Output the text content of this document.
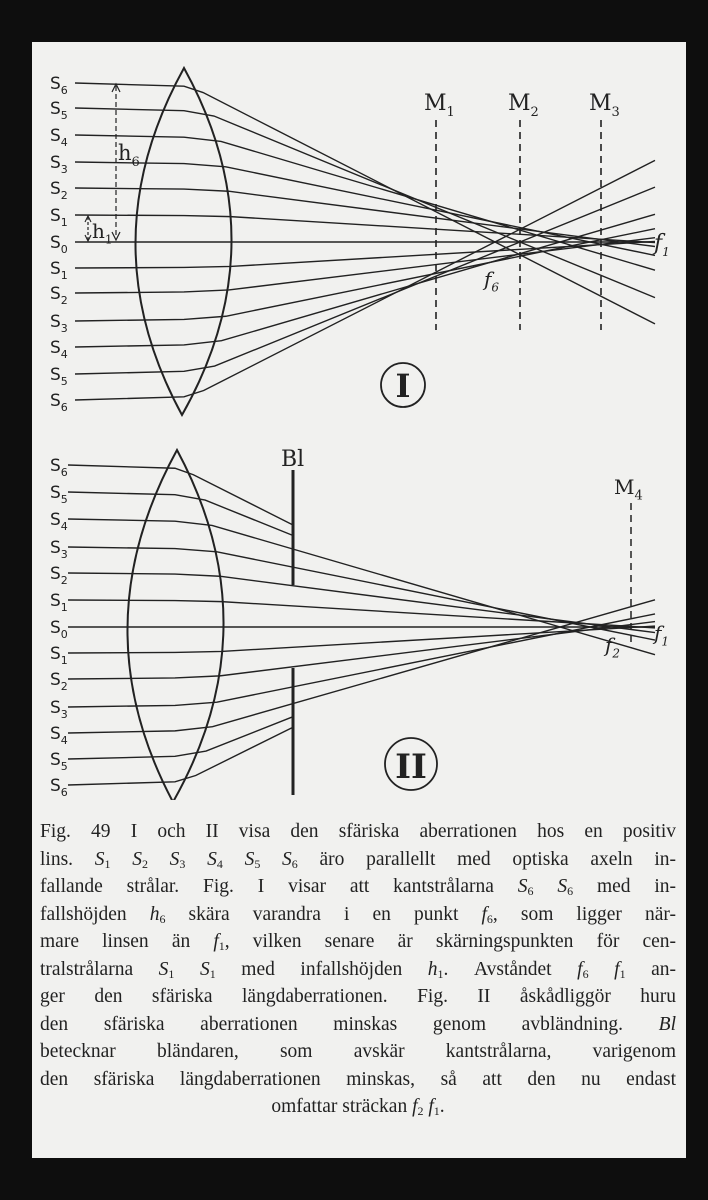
$S_6$
$S_5$
$S_4$
$S_3$
$S_2$
$S_1$
$S_0$
$S_1$
$S_2$
$S_3$
$S_4$
$S_5$
$S_6$
$h_6$
$h_1$
$M_1$ $M_2$ $M_3$
$f_1$
$f_6$
I
$S_6$
$S_5$
$S_4$
$S_3$
$S_2$
$S_1$
$S_0$
$S_1$
$S_2$
$S_3$
$S_4$
$S_5$
$S_6$
Bl
$M_4$
$f_1$
$f_2$
II
Fig. 49 I och II visa den sfäriska aberrationen hos en positiv
lins. $S_1$ $S_2$ $S_3$ $S_4$ $S_5$ $S_6$ äro parallellt med optiska axeln in-
fallande strålar. Fig. I visar att kantstrålarna $S_6$ $S_6$ med in-
fallshöjden $h_6$ skära varandra i en punkt $f_6$, som ligger när-
mare linsen än $f_1$, vilken senare är skärningspunkten för cen-
tralstrålarna $S_1$ $S_1$ med infallshöjden $h_1$. Avståndet $f_6$ $f_1$ an-
ger den sfäriska längdaberrationen. Fig. II åskådliggör huru
den sfäriska aberrationen minskas genom avbländning. Bl
betecknar bländaren, som avskär kantstrålarna, varigenom
den sfäriska längdaberrationen minskas, så att den nu endast
omfattar sträckan $f_2$ $f_1$.
